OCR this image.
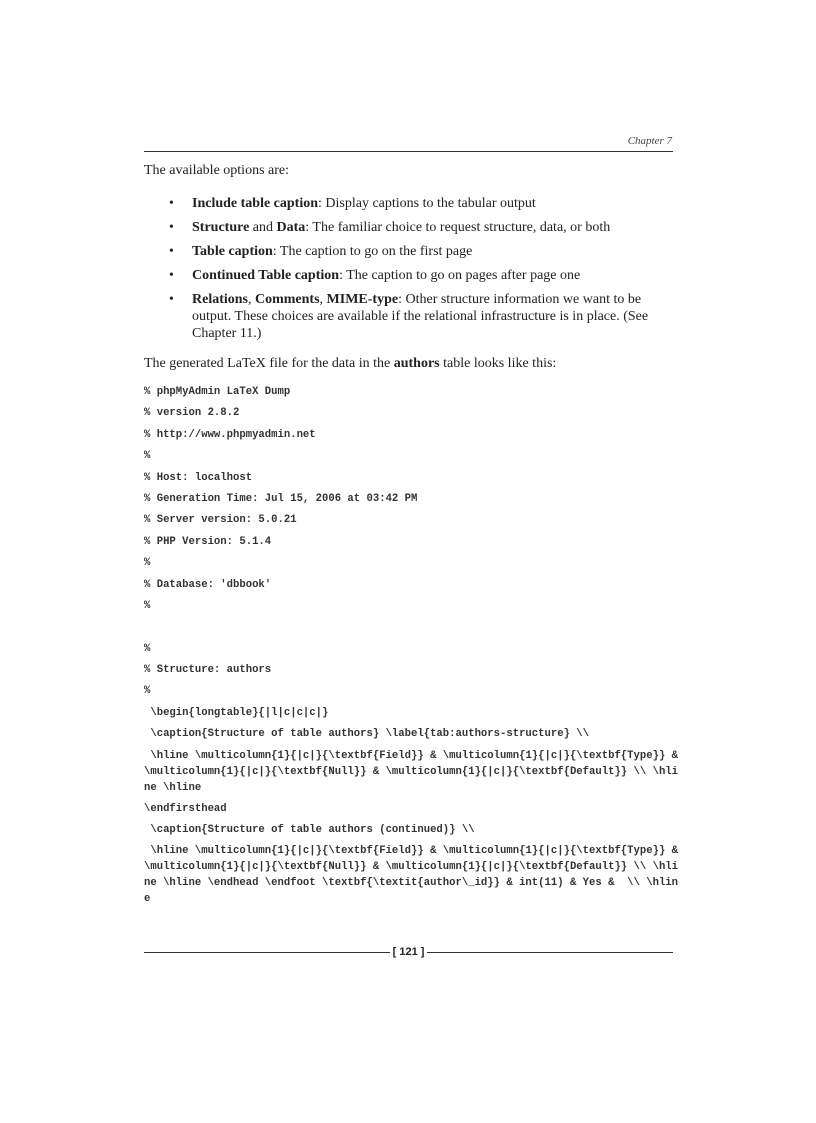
Chapter 7

The available options are:

• Include table caption: Display captions to the tabular output
• Structure and Data: The familiar choice to request structure, data, or both
• Table caption: The caption to go on the first page
• Continued Table caption: The caption to go on pages after page one
• Relations, Comments, MIME-type: Other structure information we want to be output. These choices are available if the relational infrastructure is in place. (See Chapter 11.)

The generated LaTeX file for the data in the authors table looks like this:

% phpMyAdmin LaTeX Dump
% version 2.8.2
% http://www.phpmyadmin.net
%
% Host: localhost
% Generation Time: Jul 15, 2006 at 03:42 PM
% Server version: 5.0.21
% PHP Version: 5.1.4
%
% Database: 'dbbook'
%
%
% Structure: authors
%
\begin{longtable}{|l|c|c|c|}
\caption{Structure of table authors} \label{tab:authors-structure} \\
\hline \multicolumn{1}{|c|}{\textbf{Field}} & \multicolumn{1}{|c|}{\textbf{Type}} & \multicolumn{1}{|c|}{\textbf{Null}} & \multicolumn{1}{|c|}{\textbf{Default}} \\ \hline \hline
\endfirsthead
\caption{Structure of table authors (continued)} \\
\hline \multicolumn{1}{|c|}{\textbf{Field}} & \multicolumn{1}{|c|}{\textbf{Type}} & \multicolumn{1}{|c|}{\textbf{Null}} & \multicolumn{1}{|c|}{\textbf{Default}} \\ \hline \hline \endhead \endfoot \textbf{\textit{author\_id}} & int(11) & Yes &  \\ \hline
[ 121 ]
